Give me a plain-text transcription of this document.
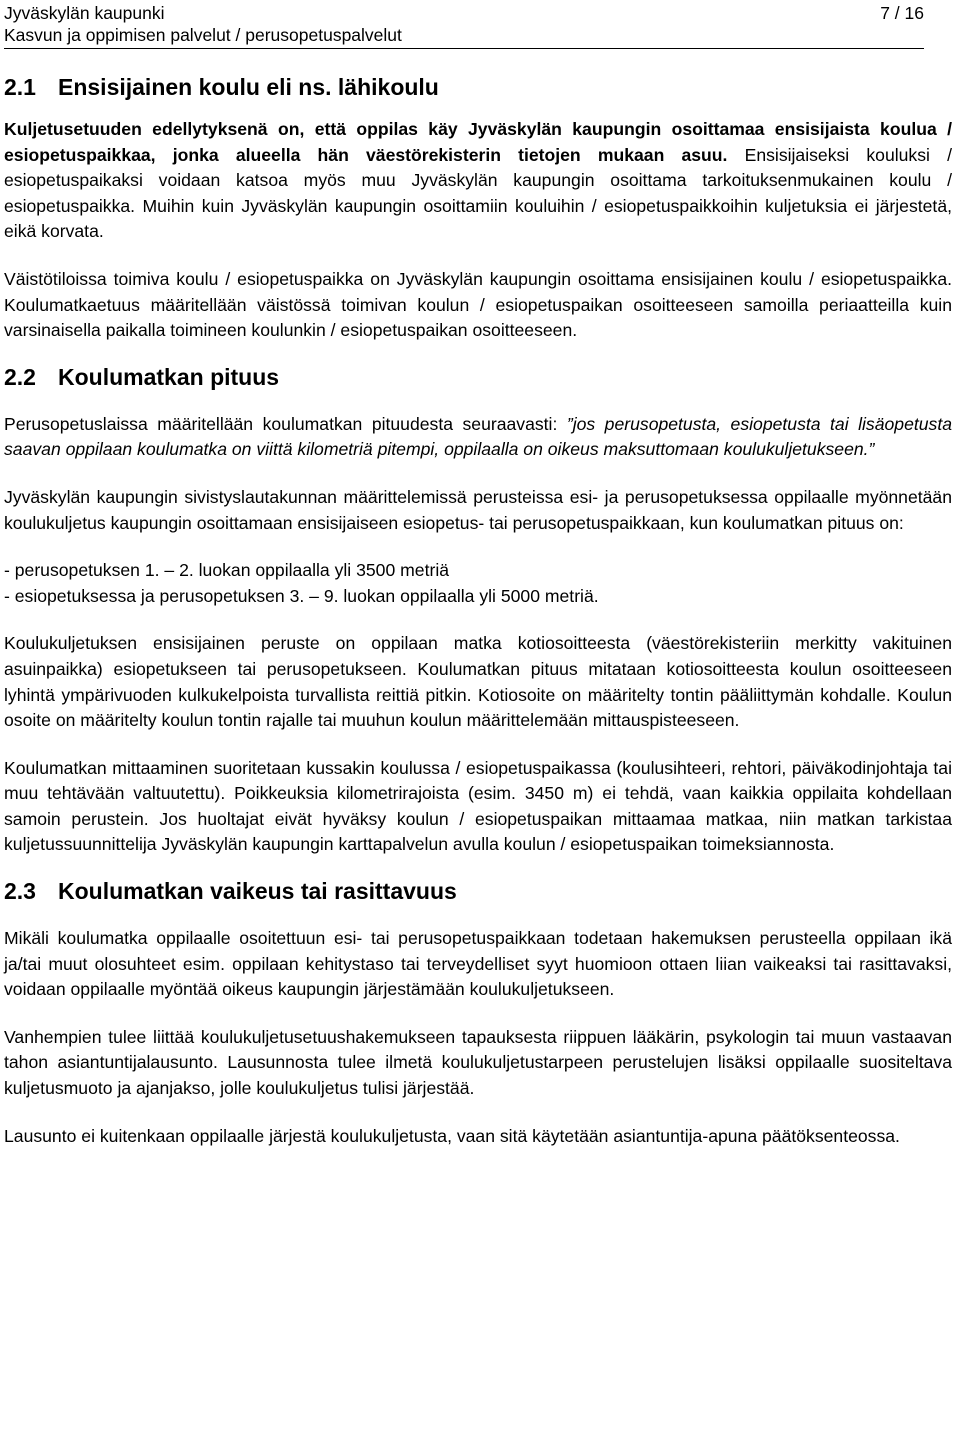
Jyväskylän kaupunki	7 / 16
Kasvun ja oppimisen palvelut / perusopetuspalvelut
2.1 Ensisijainen koulu eli ns. lähikoulu

Kuljetusetuuden edellytyksenä on, että oppilas käy Jyväskylän kaupungin osoittamaa ensisijaista koulua / esiopetuspaikkaa, jonka alueella hän väestörekisterin tietojen mukaan asuu. Ensisijaiseksi kouluksi / esiopetuspaikaksi voidaan katsoa myös muu Jyväskylän kaupungin osoittama tarkoituksenmukainen koulu / esiopetuspaikka. Muihin kuin Jyväskylän kaupungin osoittamiin kouluihin / esiopetuspaikkoihin kuljetuksia ei järjestetä, eikä korvata.

Väistötiloissa toimiva koulu / esiopetuspaikka on Jyväskylän kaupungin osoittama ensisijainen koulu / esiopetuspaikka. Koulumatkaetuus määritellään väistössä toimivan koulun / esiopetuspaikan osoitteeseen samoilla periaatteilla kuin varsinaisella paikalla toimineen koulunkin / esiopetuspaikan osoitteeseen.

2.2 Koulumatkan pituus

Perusopetuslaissa määritellään koulumatkan pituudesta seuraavasti: ”jos perusopetusta, esiopetusta tai lisäopetusta saavan oppilaan koulumatka on viittä kilometriä pitempi, oppilaalla on oikeus maksuttomaan koulukuljetukseen.”

Jyväskylän kaupungin sivistyslautakunnan määrittelemissä perusteissa esi- ja perusopetuksessa oppilaalle myönnetään koulukuljetus kaupungin osoittamaan ensisijaiseen esiopetus- tai perusopetuspaikkaan, kun koulumatkan pituus on:

- perusopetuksen 1. – 2. luokan oppilaalla yli 3500 metriä
- esiopetuksessa ja perusopetuksen 3. – 9. luokan oppilaalla yli 5000 metriä.

Koulukuljetuksen ensisijainen peruste on oppilaan matka kotiosoitteesta (väestörekisteriin merkitty vakituinen asuinpaikka) esiopetukseen tai perusopetukseen. Koulumatkan pituus mitataan kotiosoitteesta koulun osoitteeseen lyhintä ympärivuoden kulkukelpoista turvallista reittiä pitkin. Kotiosoite on määritelty tontin pääliittymän kohdalle. Koulun osoite on määritelty koulun tontin rajalle tai muuhun koulun määrittelemään mittauspisteeseen.

Koulumatkan mittaaminen suoritetaan kussakin koulussa / esiopetuspaikassa (koulusihteeri, rehtori, päiväkodinjohtaja tai muu tehtävään valtuutettu). Poikkeuksia kilometrirajoista (esim. 3450 m) ei tehdä, vaan kaikkia oppilaita kohdellaan samoin perustein. Jos huoltajat eivät hyväksy koulun / esiopetuspaikan mittaamaa matkaa, niin matkan tarkistaa kuljetussuunnittelija Jyväskylän kaupungin karttapalvelun avulla koulun / esiopetuspaikan toimeksiannosta.

2.3 Koulumatkan vaikeus tai rasittavuus

Mikäli koulumatka oppilaalle osoitettuun esi- tai perusopetuspaikkaan todetaan hakemuksen perusteella oppilaan ikä ja/tai muut olosuhteet esim. oppilaan kehitystaso tai terveydelliset syyt huomioon ottaen liian vaikeaksi tai rasittavaksi, voidaan oppilaalle myöntää oikeus kaupungin järjestämään koulukuljetukseen.

Vanhempien tulee liittää koulukuljetusetuushakemukseen tapauksesta riippuen lääkärin, psykologin tai muun vastaavan tahon asiantuntijalausunto. Lausunnosta tulee ilmetä koulukuljetustarpeen perustelujen lisäksi oppilaalle suositeltava kuljetusmuoto ja ajanjakso, jolle koulukuljetus tulisi järjestää.

Lausunto ei kuitenkaan oppilaalle järjestä koulukuljetusta, vaan sitä käytetään asiantuntija-apuna päätöksenteossa.
